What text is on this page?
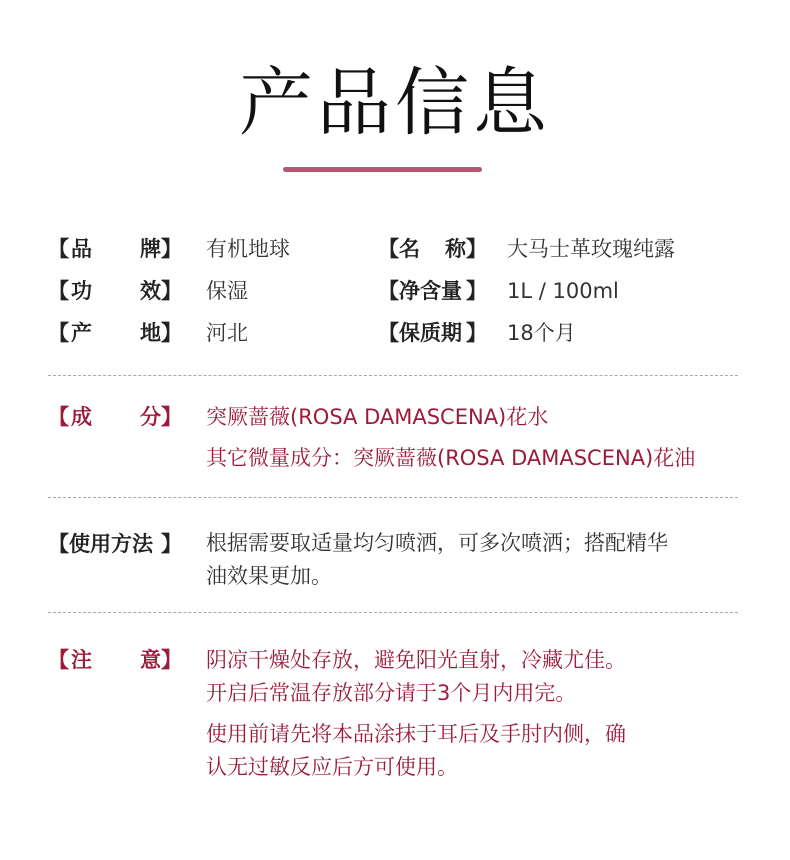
产品信息
【 品 牌 】 有机地球	【 名 称 】 大马士革玫瑰纯露
【 功 效 】 保湿	【 净含量 】 1L / 100ml
【 产 地 】 河北	【 保质期 】 18个月
【 成 分 】 突厥蔷薇(ROSA DAMASCENA)花水
其它微量成分：突厥蔷薇(ROSA DAMASCENA)花油
【 使用方法 】 根据需要取适量均匀喷洒，可多次喷洒；搭配精华
油效果更加。
【 注 意 】 阴凉干燥处存放，避免阳光直射，冷藏尤佳。
开启后常温存放部分请于3个月内用完。
使用前请先将本品涂抹于耳后及手肘内侧，确
认无过敏反应后方可使用。
